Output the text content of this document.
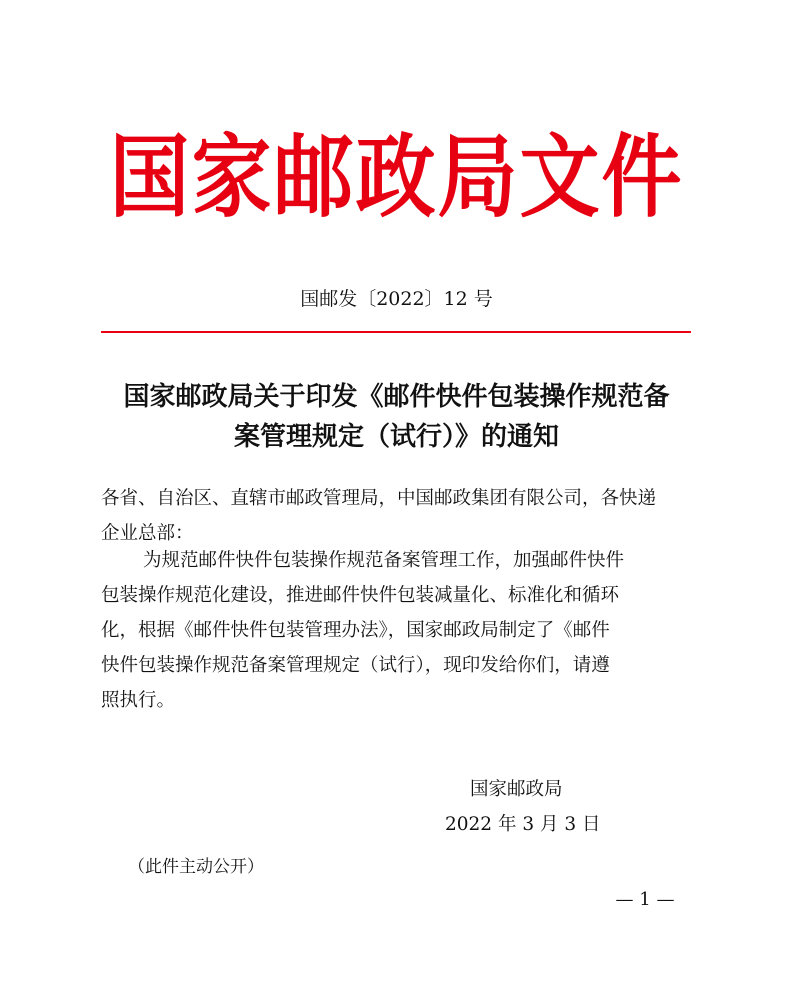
国家邮政局文件
国邮发〔2022〕12 号
国家邮政局关于印发《邮件快件包装操作规范备
案管理规定（试行）》的通知
各省、自治区、直辖市邮政管理局，中国邮政集团有限公司，各快递
企业总部：
为规范邮件快件包装操作规范备案管理工作，加强邮件快件
包装操作规范化建设，推进邮件快件包装减量化、标准化和循环
化，根据《邮件快件包装管理办法》，国家邮政局制定了《邮件
快件包装操作规范备案管理规定（试行），现印发给你们，请遵
照执行。
国家邮政局
2022 年 3 月 3 日
（此件主动公开）
— 1 —
